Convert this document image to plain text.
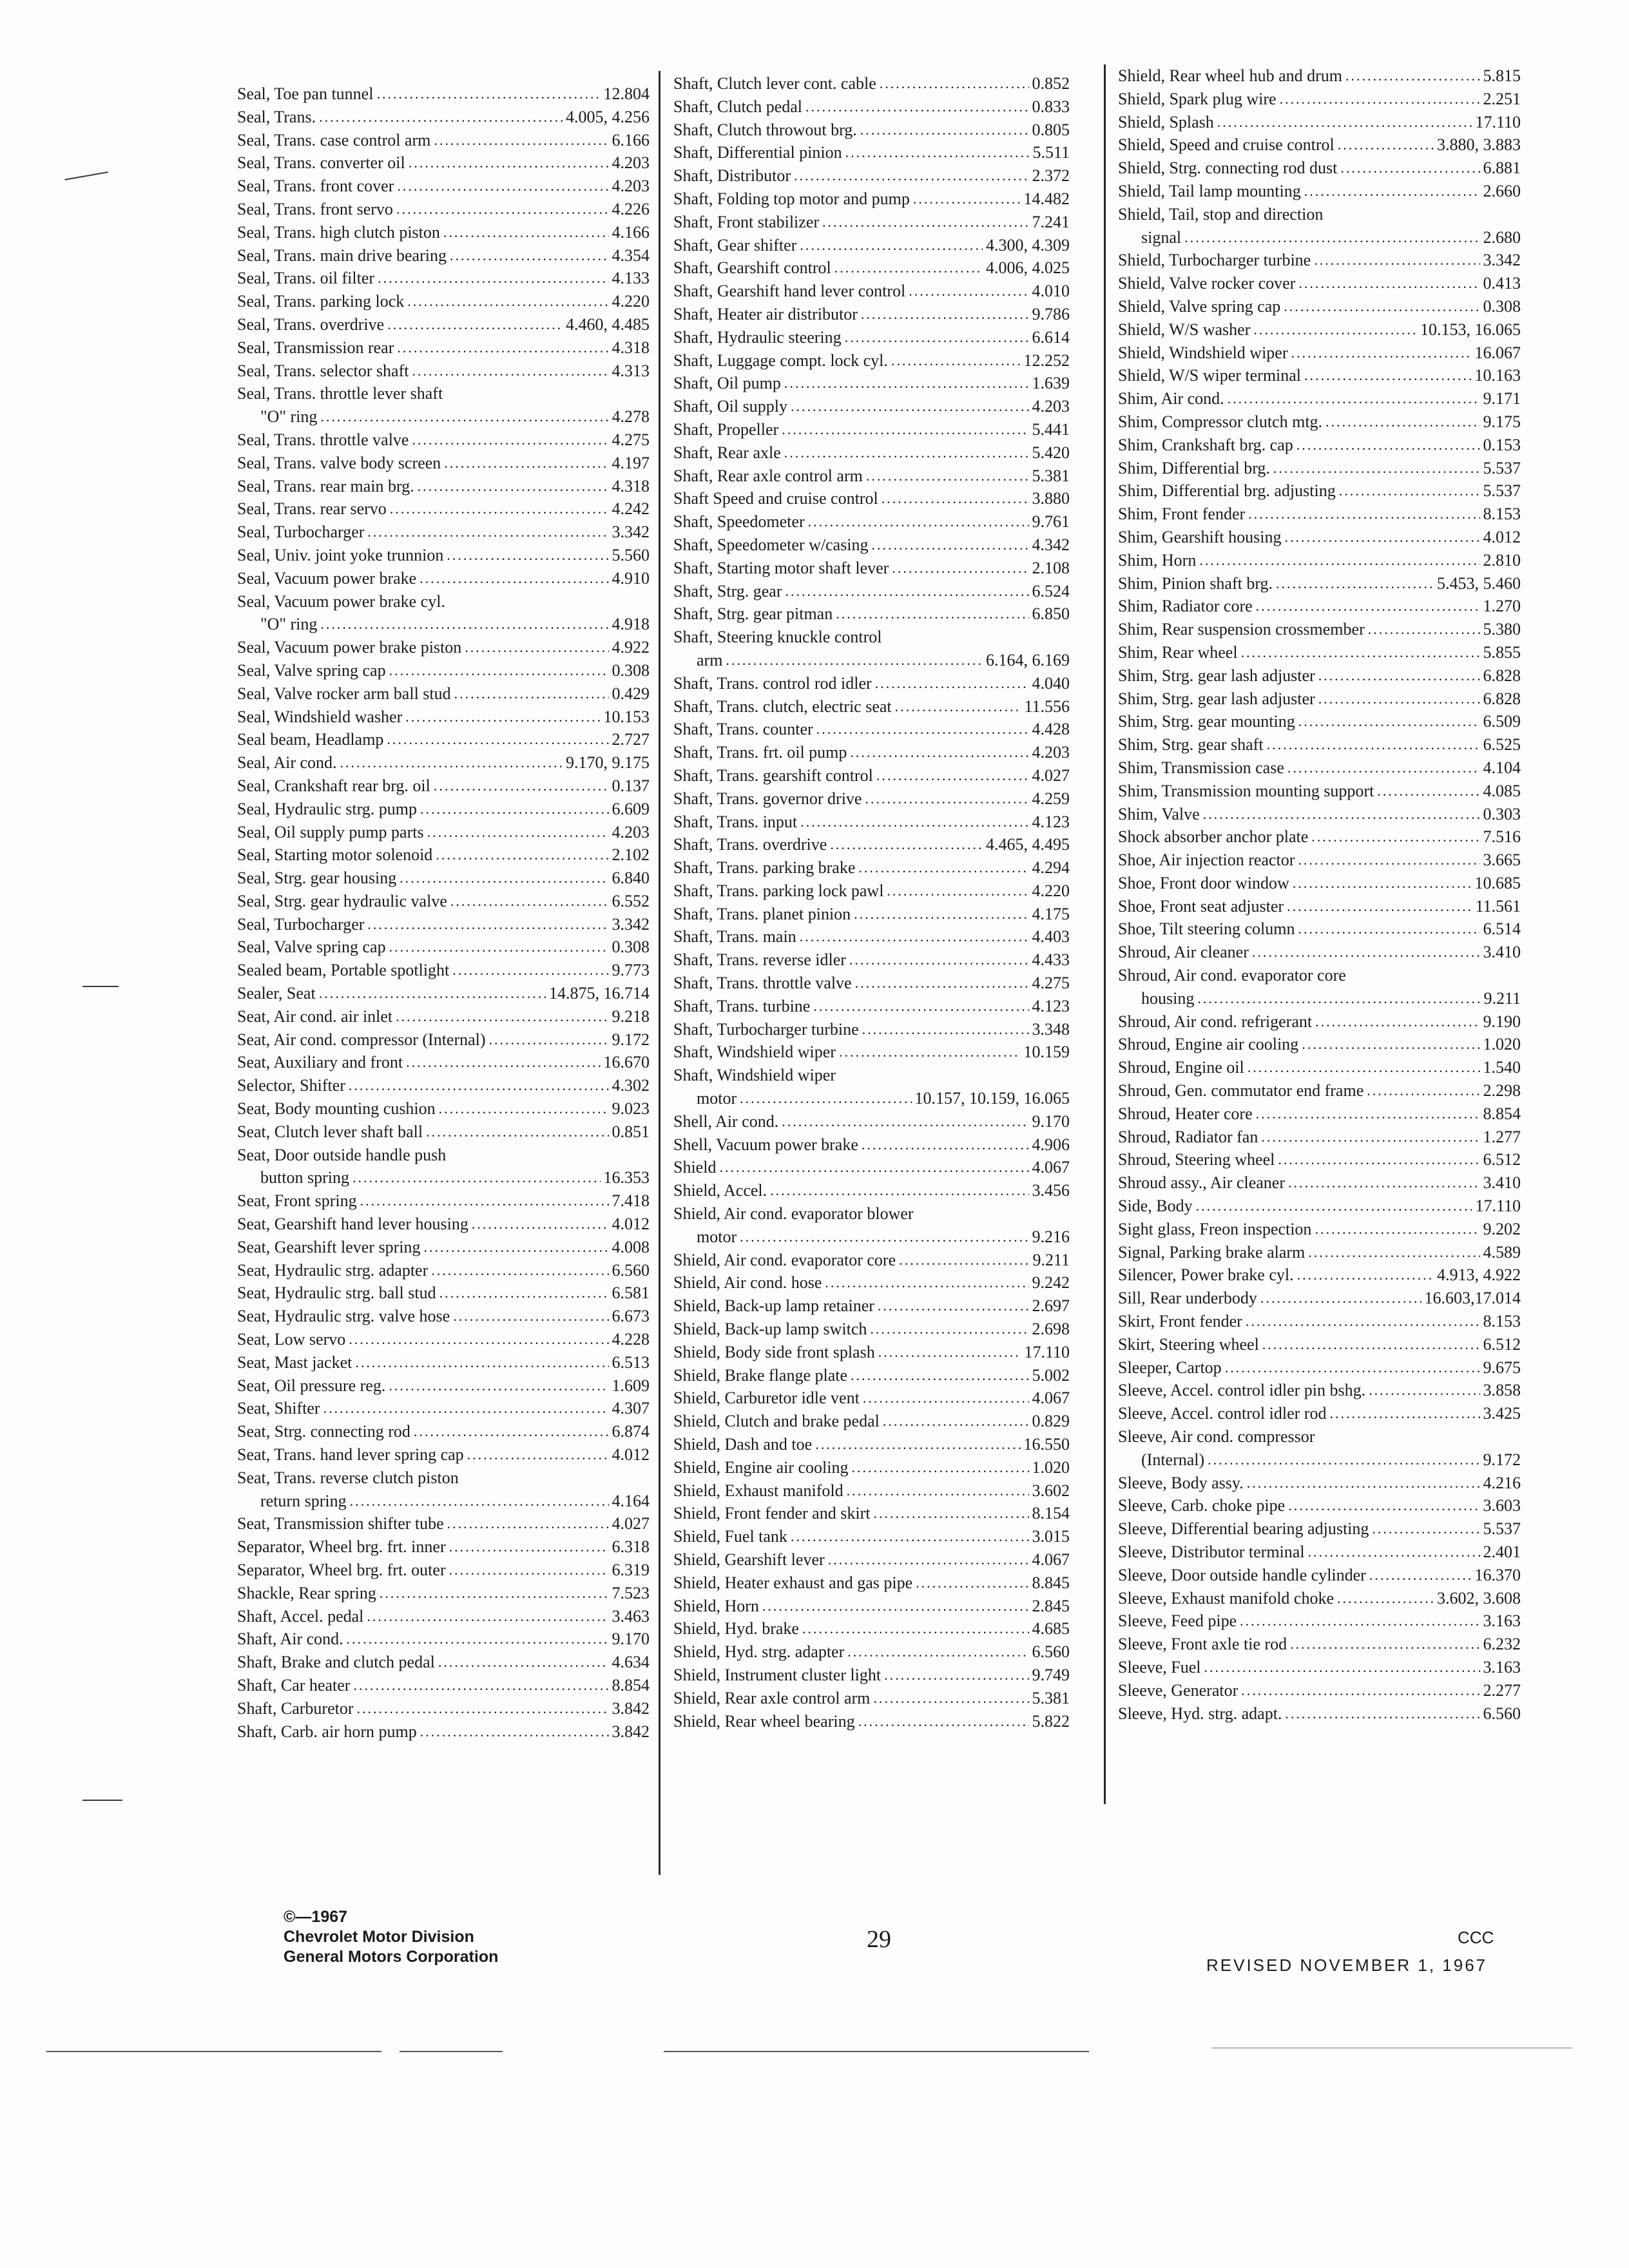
Seal, Toe pan tunnel .....	12.804
Seal, Trans. .....	4.005, 4.256
Seal, Trans. case control arm .....	6.166
Seal, Trans. converter oil .....	4.203
Seal, Trans. front cover .....	4.203
Seal, Trans. front servo .....	4.226
Seal, Trans. high clutch piston .....	4.166
Seal, Trans. main drive bearing .....	4.354
Seal, Trans. oil filter .....	4.133
Seal, Trans. parking lock .....	4.220
Seal, Trans. overdrive .....	4.460, 4.485
Seal, Transmission rear .....	4.318
Seal, Trans. selector shaft .....	4.313
Seal, Trans. throttle lever shaft
"O" ring .....	4.278
Seal, Trans. throttle valve .....	4.275
Seal, Trans. valve body screen .....	4.197
Seal, Trans. rear main brg. .....	4.318
Seal, Trans. rear servo .....	4.242
Seal, Turbocharger .....	3.342
Seal, Univ. joint yoke trunnion .....	5.560
Seal, Vacuum power brake .....	4.910
Seal, Vacuum power brake cyl.
"O" ring .....	4.918
Seal, Vacuum power brake piston .....	4.922
Seal, Valve spring cap .....	0.308
Seal, Valve rocker arm ball stud .....	0.429
Seal, Windshield washer .....	10.153
Seal beam, Headlamp .....	2.727
Seal, Air cond. .....	9.170, 9.175
Seal, Crankshaft rear brg. oil .....	0.137
Seal, Hydraulic strg. pump .....	6.609
Seal, Oil supply pump parts .....	4.203
Seal, Starting motor solenoid .....	2.102
Seal, Strg. gear housing .....	6.840
Seal, Strg. gear hydraulic valve .....	6.552
Seal, Turbocharger .....	3.342
Seal, Valve spring cap .....	0.308
Sealed beam, Portable spotlight .....	9.773
Sealer, Seat .....	14.875, 16.714
Seat, Air cond. air inlet .....	9.218
Seat, Air cond. compressor (Internal) .....	9.172
Seat, Auxiliary and front .....	16.670
Selector, Shifter .....	4.302
Seat, Body mounting cushion .....	9.023
Seat, Clutch lever shaft ball .....	0.851
Seat, Door outside handle push
button spring .....	16.353
Seat, Front spring .....	7.418
Seat, Gearshift hand lever housing .....	4.012
Seat, Gearshift lever spring .....	4.008
Seat, Hydraulic strg. adapter .....	6.560
Seat, Hydraulic strg. ball stud .....	6.581
Seat, Hydraulic strg. valve hose .....	6.673
Seat, Low servo .....	4.228
Seat, Mast jacket .....	6.513
Seat, Oil pressure reg. .....	1.609
Seat, Shifter .....	4.307
Seat, Strg. connecting rod .....	6.874
Seat, Trans. hand lever spring cap .....	4.012
Seat, Trans. reverse clutch piston
return spring .....	4.164
Seat, Transmission shifter tube .....	4.027
Separator, Wheel brg. frt. inner .....	6.318
Separator, Wheel brg. frt. outer .....	6.319
Shackle, Rear spring .....	7.523
Shaft, Accel. pedal .....	3.463
Shaft, Air cond. .....	9.170
Shaft, Brake and clutch pedal .....	4.634
Shaft, Car heater .....	8.854
Shaft, Carburetor .....	3.842
Shaft, Carb. air horn pump .....	3.842
Shaft, Clutch lever cont. cable .....	0.852
Shaft, Clutch pedal .....	0.833
Shaft, Clutch throwout brg. .....	0.805
Shaft, Differential pinion .....	5.511
Shaft, Distributor .....	2.372
Shaft, Folding top motor and pump .....	14.482
Shaft, Front stabilizer .....	7.241
Shaft, Gear shifter .....	4.300, 4.309
Shaft, Gearshift control .....	4.006, 4.025
Shaft, Gearshift hand lever control .....	4.010
Shaft, Heater air distributor .....	9.786
Shaft, Hydraulic steering .....	6.614
Shaft, Luggage compt. lock cyl. .....	12.252
Shaft, Oil pump .....	1.639
Shaft, Oil supply .....	4.203
Shaft, Propeller .....	5.441
Shaft, Rear axle .....	5.420
Shaft, Rear axle control arm .....	5.381
Shaft Speed and cruise control .....	3.880
Shaft, Speedometer .....	9.761
Shaft, Speedometer w/casing .....	4.342
Shaft, Starting motor shaft lever .....	2.108
Shaft, Strg. gear .....	6.524
Shaft, Strg. gear pitman .....	6.850
Shaft, Steering knuckle control
arm .....	6.164, 6.169
Shaft, Trans. control rod idler .....	4.040
Shaft, Trans. clutch, electric seat .....	11.556
Shaft, Trans. counter .....	4.428
Shaft, Trans. frt. oil pump .....	4.203
Shaft, Trans. gearshift control .....	4.027
Shaft, Trans. governor drive .....	4.259
Shaft, Trans. input .....	4.123
Shaft, Trans. overdrive .....	4.465, 4.495
Shaft, Trans. parking brake .....	4.294
Shaft, Trans. parking lock pawl .....	4.220
Shaft, Trans. planet pinion .....	4.175
Shaft, Trans. main .....	4.403
Shaft, Trans. reverse idler .....	4.433
Shaft, Trans. throttle valve .....	4.275
Shaft, Trans. turbine .....	4.123
Shaft, Turbocharger turbine .....	3.348
Shaft, Windshield wiper .....	10.159
Shaft, Windshield wiper
motor .....	10.157, 10.159, 16.065
Shell, Air cond. .....	9.170
Shell, Vacuum power brake .....	4.906
Shield .....	4.067
Shield, Accel. .....	3.456
Shield, Air cond. evaporator blower
motor .....	9.216
Shield, Air cond. evaporator core .....	9.211
Shield, Air cond. hose .....	9.242
Shield, Back-up lamp retainer .....	2.697
Shield, Back-up lamp switch .....	2.698
Shield, Body side front splash .....	17.110
Shield, Brake flange plate .....	5.002
Shield, Carburetor idle vent .....	4.067
Shield, Clutch and brake pedal .....	0.829
Shield, Dash and toe .....	16.550
Shield, Engine air cooling .....	1.020
Shield, Exhaust manifold .....	3.602
Shield, Front fender and skirt .....	8.154
Shield, Fuel tank .....	3.015
Shield, Gearshift lever .....	4.067
Shield, Heater exhaust and gas pipe .....	8.845
Shield, Horn .....	2.845
Shield, Hyd. brake .....	4.685
Shield, Hyd. strg. adapter .....	6.560
Shield, Instrument cluster light .....	9.749
Shield, Rear axle control arm .....	5.381
Shield, Rear wheel bearing .....	5.822
Shield, Rear wheel hub and drum .....	5.815
Shield, Spark plug wire .....	2.251
Shield, Splash .....	17.110
Shield, Speed and cruise control .....	3.880, 3.883
Shield, Strg. connecting rod dust .....	6.881
Shield, Tail lamp mounting .....	2.660
Shield, Tail, stop and direction
signal .....	2.680
Shield, Turbocharger turbine .....	3.342
Shield, Valve rocker cover .....	0.413
Shield, Valve spring cap .....	0.308
Shield, W/S washer .....	10.153, 16.065
Shield, Windshield wiper .....	16.067
Shield, W/S wiper terminal .....	10.163
Shim, Air cond. .....	9.171
Shim, Compressor clutch mtg. .....	9.175
Shim, Crankshaft brg. cap .....	0.153
Shim, Differential brg. .....	5.537
Shim, Differential brg. adjusting .....	5.537
Shim, Front fender .....	8.153
Shim, Gearshift housing .....	4.012
Shim, Horn .....	2.810
Shim, Pinion shaft brg. .....	5.453, 5.460
Shim, Radiator core .....	1.270
Shim, Rear suspension crossmember .....	5.380
Shim, Rear wheel .....	5.855
Shim, Strg. gear lash adjuster .....	6.828
Shim, Strg. gear lash adjuster .....	6.828
Shim, Strg. gear mounting .....	6.509
Shim, Strg. gear shaft .....	6.525
Shim, Transmission case .....	4.104
Shim, Transmission mounting support .....	4.085
Shim, Valve .....	0.303
Shock absorber anchor plate .....	7.516
Shoe, Air injection reactor .....	3.665
Shoe, Front door window .....	10.685
Shoe, Front seat adjuster .....	11.561
Shoe, Tilt steering column .....	6.514
Shroud, Air cleaner .....	3.410
Shroud, Air cond. evaporator core
housing .....	9.211
Shroud, Air cond. refrigerant .....	9.190
Shroud, Engine air cooling .....	1.020
Shroud, Engine oil .....	1.540
Shroud, Gen. commutator end frame .....	2.298
Shroud, Heater core .....	8.854
Shroud, Radiator fan .....	1.277
Shroud, Steering wheel .....	6.512
Shroud assy., Air cleaner .....	3.410
Side, Body .....	17.110
Sight glass, Freon inspection .....	9.202
Signal, Parking brake alarm .....	4.589
Silencer, Power brake cyl. .....	4.913, 4.922
Sill, Rear underbody .....	16.603,17.014
Skirt, Front fender .....	8.153
Skirt, Steering wheel .....	6.512
Sleeper, Cartop .....	9.675
Sleeve, Accel. control idler pin bshg. .....	3.858
Sleeve, Accel. control idler rod .....	3.425
Sleeve, Air cond. compressor
(Internal) .....	9.172
Sleeve, Body assy. .....	4.216
Sleeve, Carb. choke pipe .....	3.603
Sleeve, Differential bearing adjusting .....	5.537
Sleeve, Distributor terminal .....	2.401
Sleeve, Door outside handle cylinder .....	16.370
Sleeve, Exhaust manifold choke .....	3.602, 3.608
Sleeve, Feed pipe .....	3.163
Sleeve, Front axle tie rod .....	6.232
Sleeve, Fuel .....	3.163
Sleeve, Generator .....	2.277
Sleeve, Hyd. strg. adapt. .....	6.560
©—1967
Chevrolet Motor Division
General Motors Corporation
29	CCC
REVISED NOVEMBER 1, 1967
